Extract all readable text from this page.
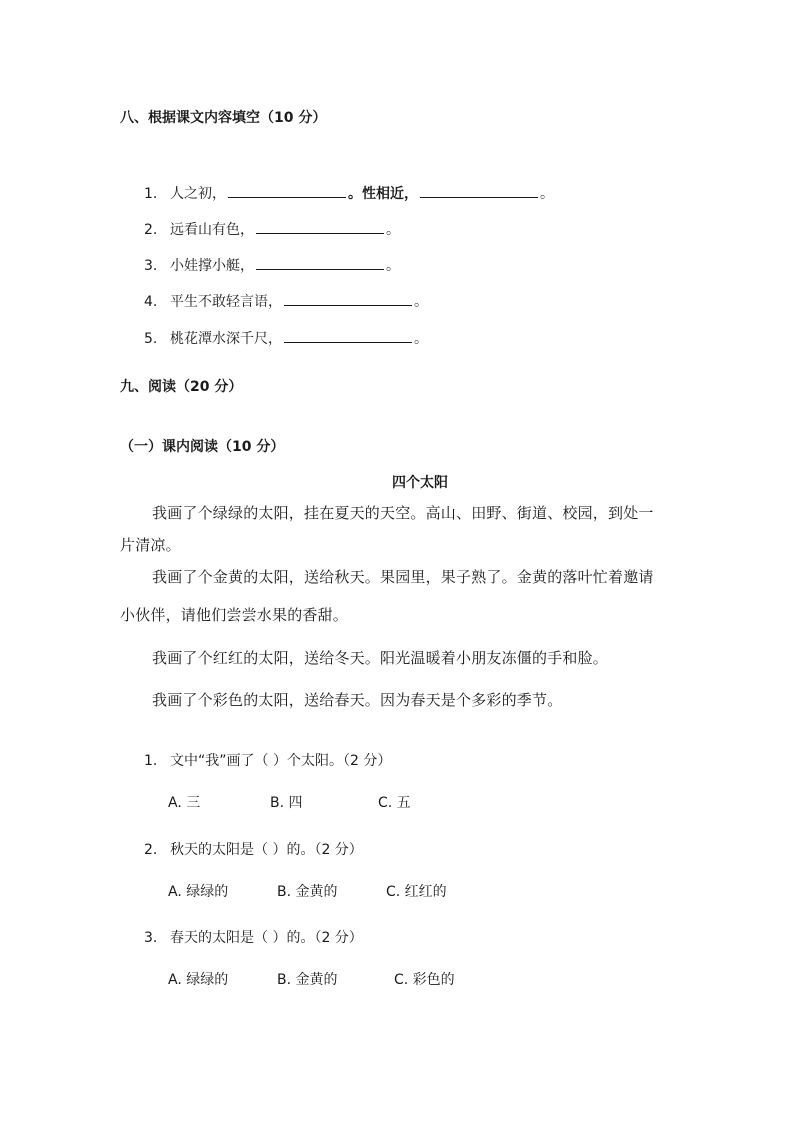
八、根据课文内容填空（10 分）
1. 人之初，	。性相近，	。
2. 远看山有色，	。
3. 小娃撑小艇，	。
4. 平生不敢轻言语，	。
5. 桃花潭水深千尺，	。
九、阅读（20 分）
（一）课内阅读（10 分）
四个太阳
我画了个绿绿的太阳，挂在夏天的天空。高山、田野、街道、校园，到处一
片清凉。
我画了个金黄的太阳，送给秋天。果园里，果子熟了。金黄的落叶忙着邀请
小伙伴，请他们尝尝水果的香甜。
我画了个红红的太阳，送给冬天。阳光温暖着小朋友冻僵的手和脸。
我画了个彩色的太阳，送给春天。因为春天是个多彩的季节。
1. 文中“我”画了（ ）个太阳。（2 分）
A. 三	B. 四	C. 五
2. 秋天的太阳是（ ）的。（2 分）
A. 绿绿的	B. 金黄的	C. 红红的
3. 春天的太阳是（ ）的。（2 分）
A. 绿绿的	B. 金黄的	C. 彩色的
